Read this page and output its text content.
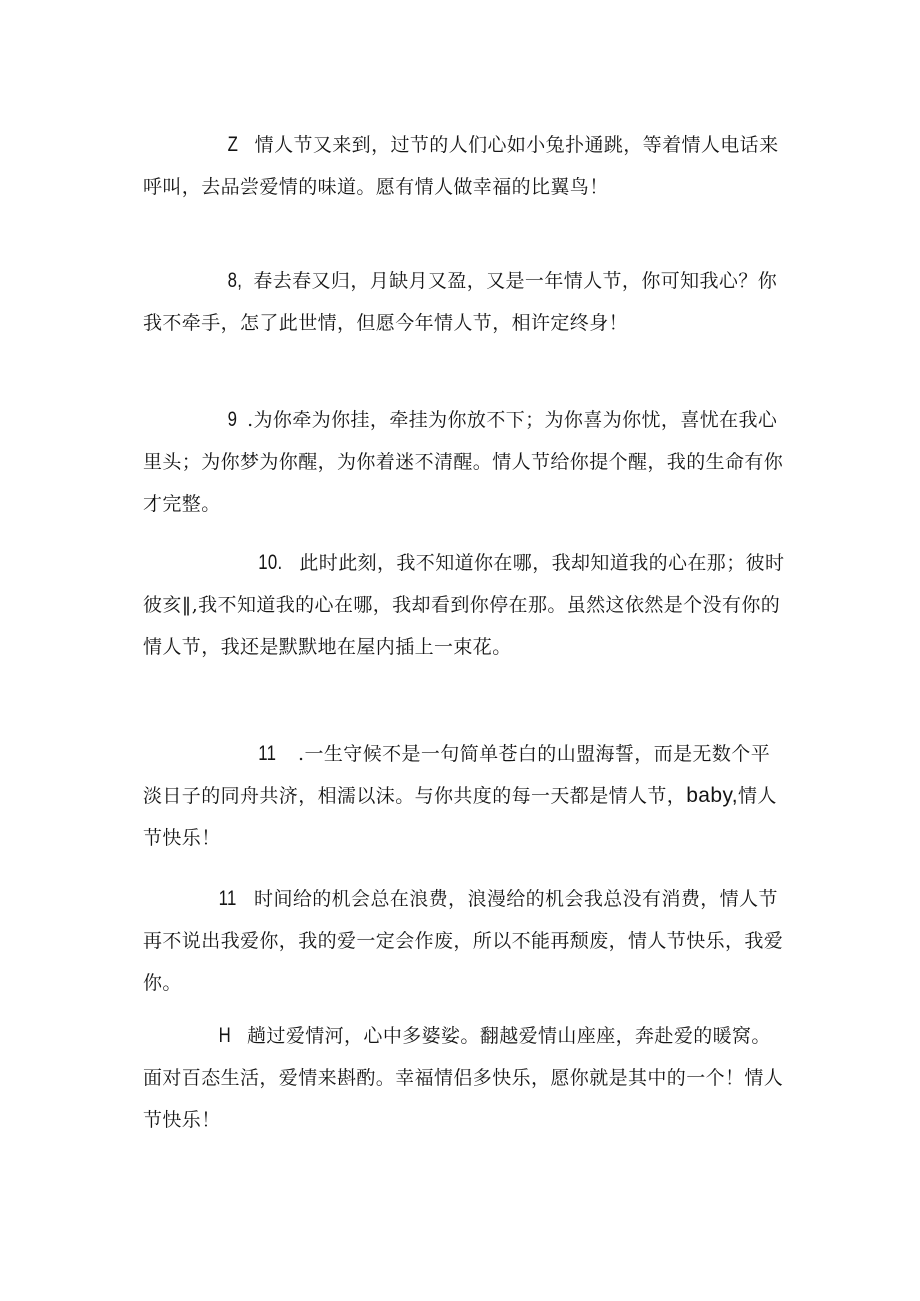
Z 情人节又来到，过节的人们心如小兔扑通跳，等着情人电话来呼叫，去品尝爱情的味道。愿有情人做幸福的比翼鸟！

8, 春去春又归，月缺月又盈，又是一年情人节，你可知我心？你我不牵手，怎了此世情，但愿今年情人节，相许定终身！

9 .为你牵为你挂，牵挂为你放不下；为你喜为你忧，喜忧在我心里头；为你梦为你醒，为你着迷不清醒。情人节给你提个醒，我的生命有你才完整。

10. 此时此刻，我不知道你在哪，我却知道我的心在那；彼时彼亥‖,我不知道我的心在哪，我却看到你停在那。虽然这依然是个没有你的情人节，我还是默默地在屋内插上一束花。

11 .一生守候不是一句简单苍白的山盟海誓，而是无数个平淡日子的同舟共济，相濡以沫。与你共度的每一天都是情人节，baby,情人节快乐！

11 时间给的机会总在浪费，浪漫给的机会我总没有消费，情人节再不说出我爱你，我的爱一定会作废，所以不能再颓废，情人节快乐，我爱你。

H 趟过爱情河，心中多婆娑。翻越爱情山座座，奔赴爱的暖窝。面对百态生活，爱情来斟酌。幸福情侣多快乐，愿你就是其中的一个！情人节快乐！
